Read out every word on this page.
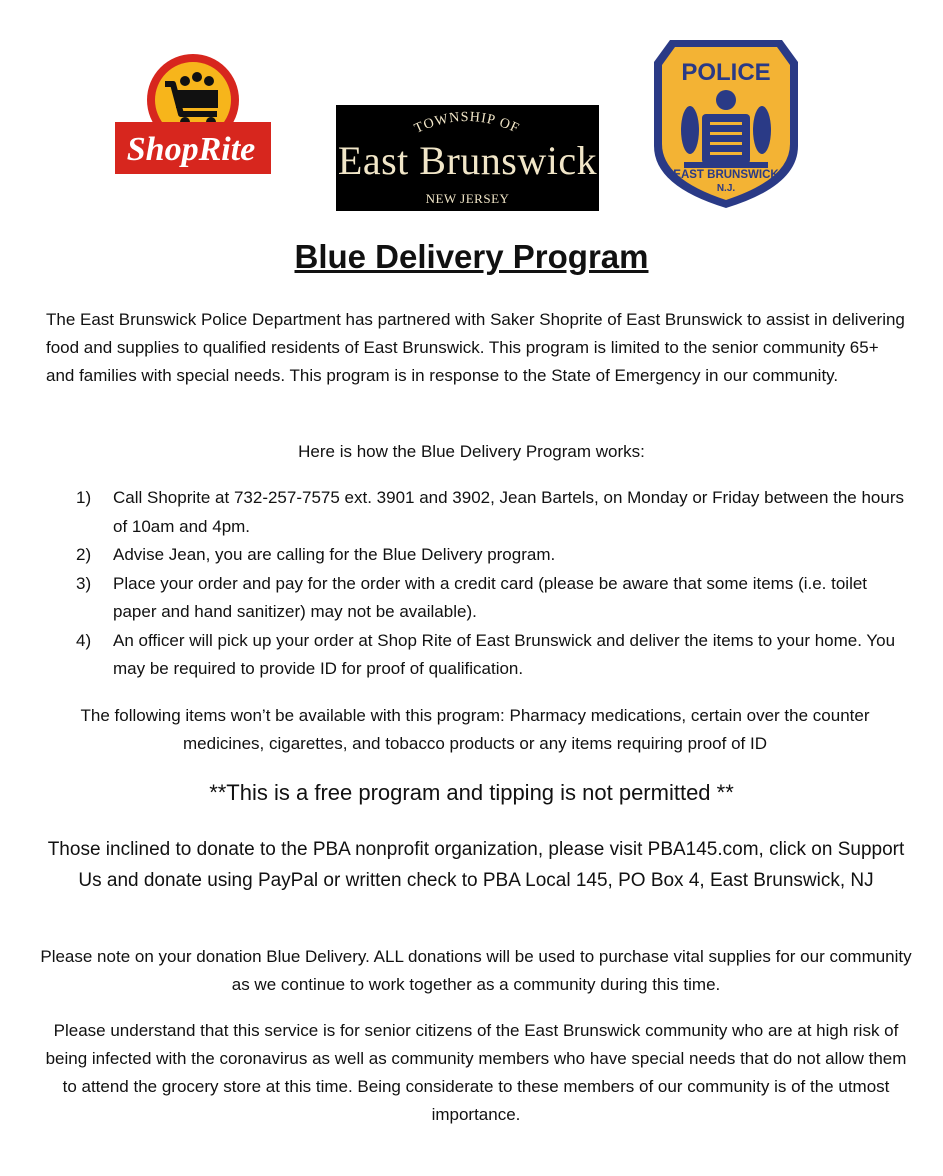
ShopRite
TOWNSHIP OF
East Brunswick
NEW JERSEY
POLICE
EAST BRUNSWICK
N.J.
Blue Delivery Program
The East Brunswick Police Department has partnered with Saker Shoprite of East Brunswick to assist in delivering food and supplies to qualified residents of East Brunswick. This program is limited to the senior community 65+ and families with special needs. This program is in response to the State of Emergency in our community.
Here is how the Blue Delivery Program works:
1) Call Shoprite at 732-257-7575 ext. 3901 and 3902, Jean Bartels, on Monday or Friday between the hours of 10am and 4pm.
2) Advise Jean, you are calling for the Blue Delivery program.
3) Place your order and pay for the order with a credit card (please be aware that some items (i.e. toilet paper and hand sanitizer) may not be available).
4) An officer will pick up your order at Shop Rite of East Brunswick and deliver the items to your home. You may be required to provide ID for proof of qualification.
The following items won’t be available with this program: Pharmacy medications, certain over the counter medicines, cigarettes, and tobacco products or any items requiring proof of ID
**This is a free program and tipping is not permitted **
Those inclined to donate to the PBA nonprofit organization, please visit PBA145.com, click on Support Us and donate using PayPal or written check to PBA Local 145, PO Box 4, East Brunswick, NJ
Please note on your donation Blue Delivery. ALL donations will be used to purchase vital supplies for our community as we continue to work together as a community during this time.
Please understand that this service is for senior citizens of the East Brunswick community who are at high risk of being infected with the coronavirus as well as community members who have special needs that do not allow them to attend the grocery store at this time. Being considerate to these members of our community is of the utmost importance.
